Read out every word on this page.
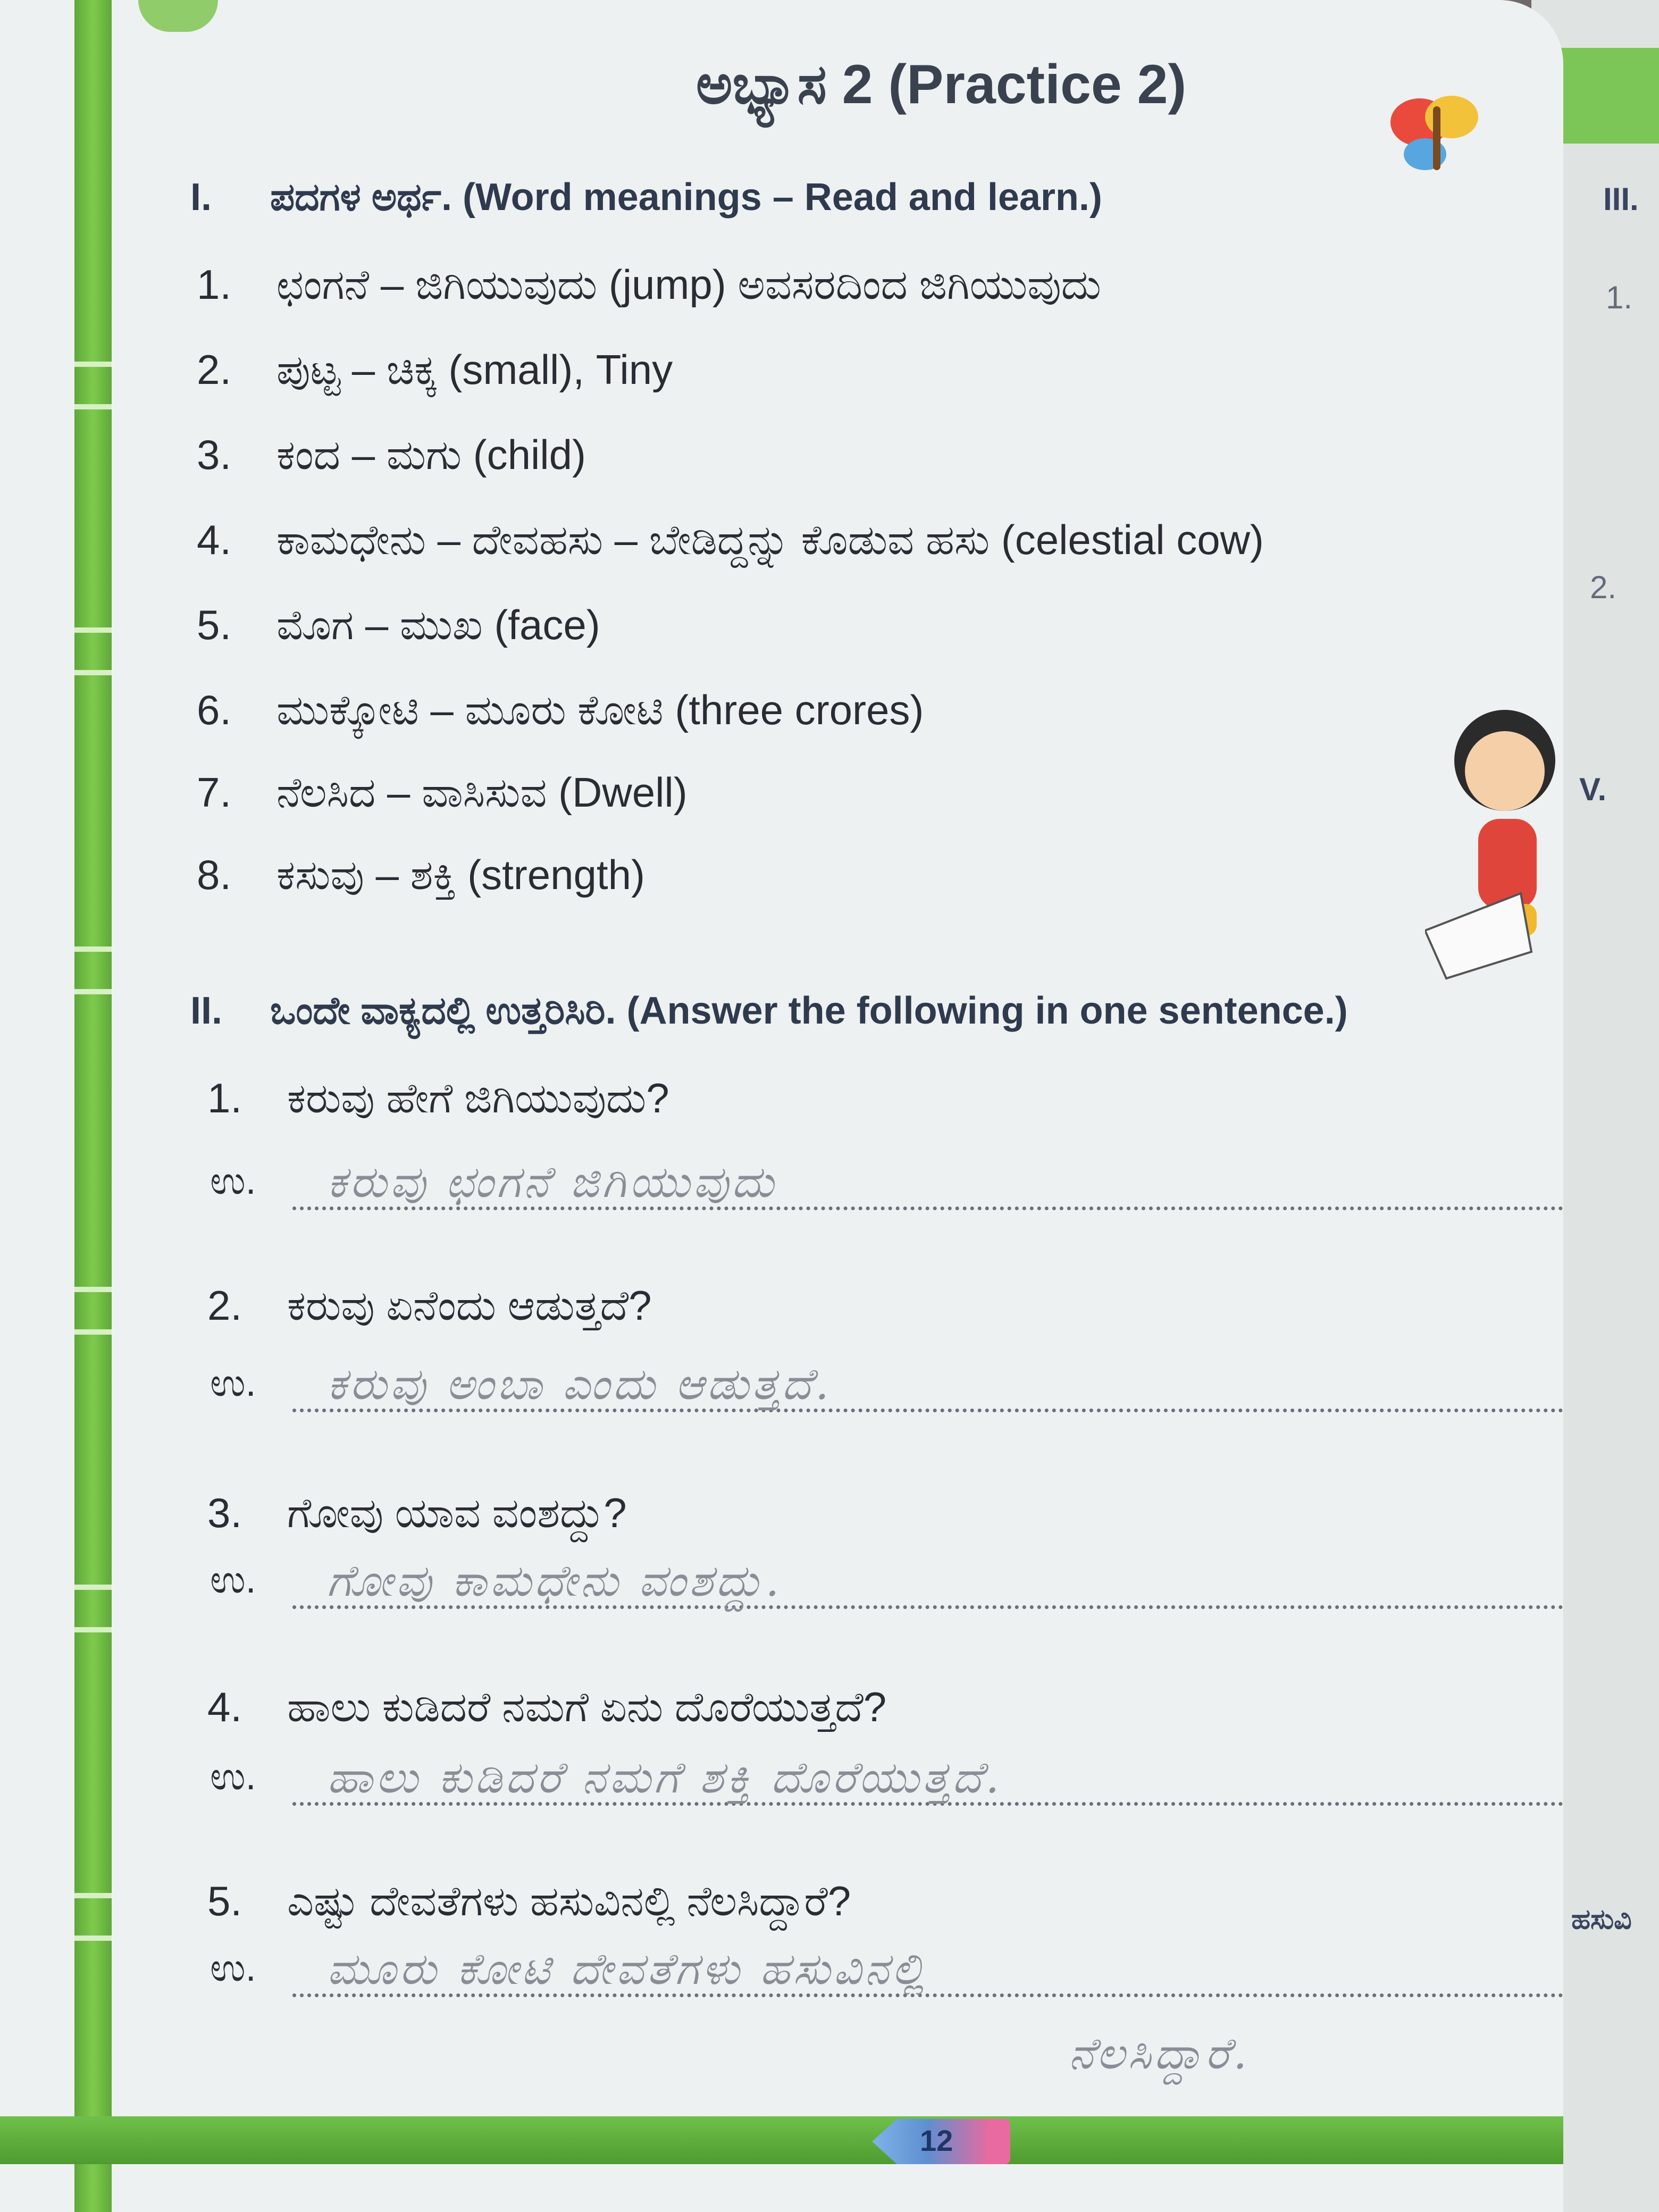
III.
1.
2.
V.
ಹಸುವಿ
ಅಭ್ಯಾಸ 2 (Practice 2)
I. ಪದಗಳ ಅರ್ಥ. (Word meanings – Read and learn.)
1. ಛಂಗನೆ – ಜಿಗಿಯುವುದು (jump) ಅವಸರದಿಂದ ಜಿಗಿಯುವುದು
2. ಪುಟ್ಟ – ಚಿಕ್ಕ (small), Tiny
3. ಕಂದ – ಮಗು (child)
4. ಕಾಮಧೇನು – ದೇವಹಸು – ಬೇಡಿದ್ದನ್ನು ಕೊಡುವ ಹಸು (celestial cow)
5. ಮೊಗ – ಮುಖ (face)
6. ಮುಕ್ಕೋಟಿ – ಮೂರು ಕೋಟಿ (three crores)
7. ನೆಲಸಿದ – ವಾಸಿಸುವ (Dwell)
8. ಕಸುವು – ಶಕ್ತಿ (strength)
II. ಒಂದೇ ವಾಕ್ಯದಲ್ಲಿ ಉತ್ತರಿಸಿರಿ. (Answer the following in one sentence.)
1. ಕರುವು ಹೇಗೆ ಜಿಗಿಯುವುದು?
ಉ. ಕರುವು ಛಂಗನೆ ಜಿಗಿಯುವುದು
2. ಕರುವು ಏನೆಂದು ಆಡುತ್ತದೆ?
ಉ. ಕರುವು ಅಂಬಾ ಎಂದು ಆಡುತ್ತದೆ.
3. ಗೋವು ಯಾವ ವಂಶದ್ದು?
ಉ. ಗೋವು ಕಾಮಧೇನು ವಂಶದ್ದು.
4. ಹಾಲು ಕುಡಿದರೆ ನಮಗೆ ಏನು ದೊರೆಯುತ್ತದೆ?
ಉ. ಹಾಲು ಕುಡಿದರೆ ನಮಗೆ ಶಕ್ತಿ ದೊರೆಯುತ್ತದೆ.
5. ಎಷ್ಟು ದೇವತೆಗಳು ಹಸುವಿನಲ್ಲಿ ನೆಲಸಿದ್ದಾರೆ?
ಉ. ಮೂರು ಕೋಟಿ ದೇವತೆಗಳು ಹಸುವಿನಲ್ಲಿ
ನೆಲಸಿದ್ದಾರೆ.
12
